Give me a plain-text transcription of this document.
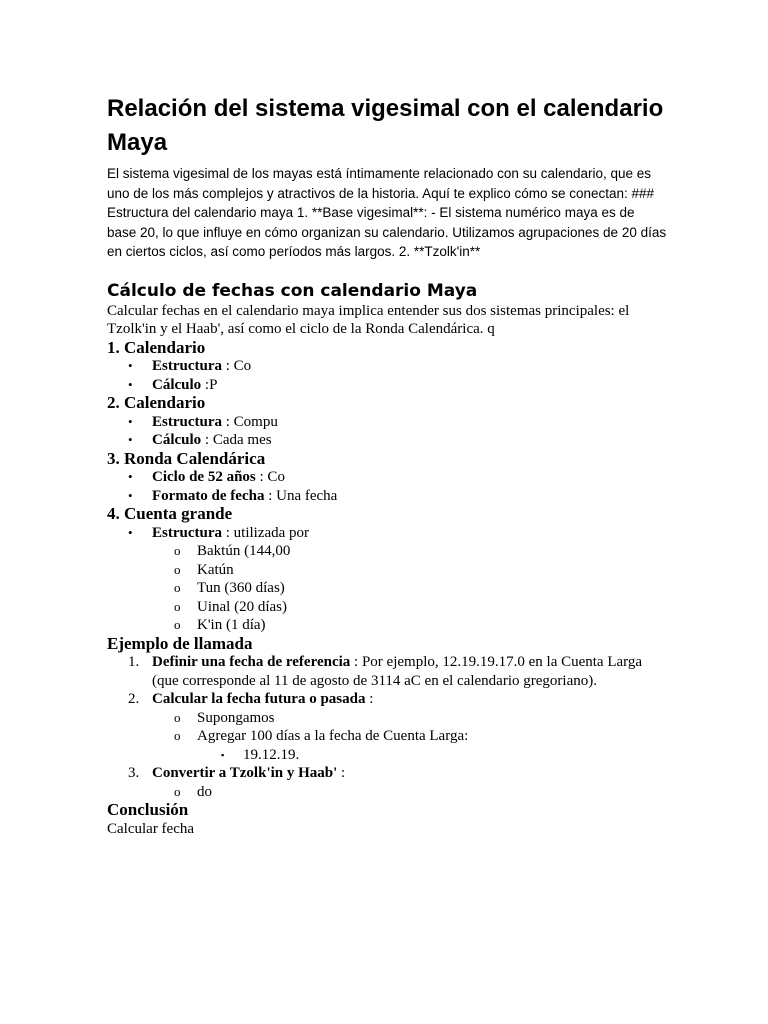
Relación del sistema vigesimal con el calendario Maya

El sistema vigesimal de los mayas está íntimamente relacionado con su calendario, que es uno de los más complejos y atractivos de la historia. Aquí te explico cómo se conectan: ### Estructura del calendario maya 1. **Base vigesimal**: - El sistema numérico maya es de base 20, lo que influye en cómo organizan su calendario. Utilizamos agrupaciones de 20 días en ciertos ciclos, así como períodos más largos. 2. **Tzolk'in**

Cálculo de fechas con calendario Maya

Calcular fechas en el calendario maya implica entender sus dos sistemas principales: el Tzolk'in y el Haab', así como el ciclo de la Ronda Calendárica. q

1. Calendario
• Estructura : Co
• Cálculo :P
2. Calendario
• Estructura : Compu
• Cálculo : Cada mes
3. Ronda Calendárica
• Ciclo de 52 años : Co
• Formato de fecha : Una fecha
4. Cuenta grande
• Estructura : utilizada por
o Baktún (144,00
o Katún
o Tun (360 días)
o Uinal (20 días)
o K'in (1 día)
Ejemplo de llamada
1. Definir una fecha de referencia : Por ejemplo, 12.19.19.17.0 en la Cuenta Larga (que corresponde al 11 de agosto de 3114 aC en el calendario gregoriano).
2. Calcular la fecha futura o pasada :
o Supongamos
o Agregar 100 días a la fecha de Cuenta Larga:
▪ 19.12.19.
3. Convertir a Tzolk'in y Haab' :
o do
Conclusión

Calcular fecha
